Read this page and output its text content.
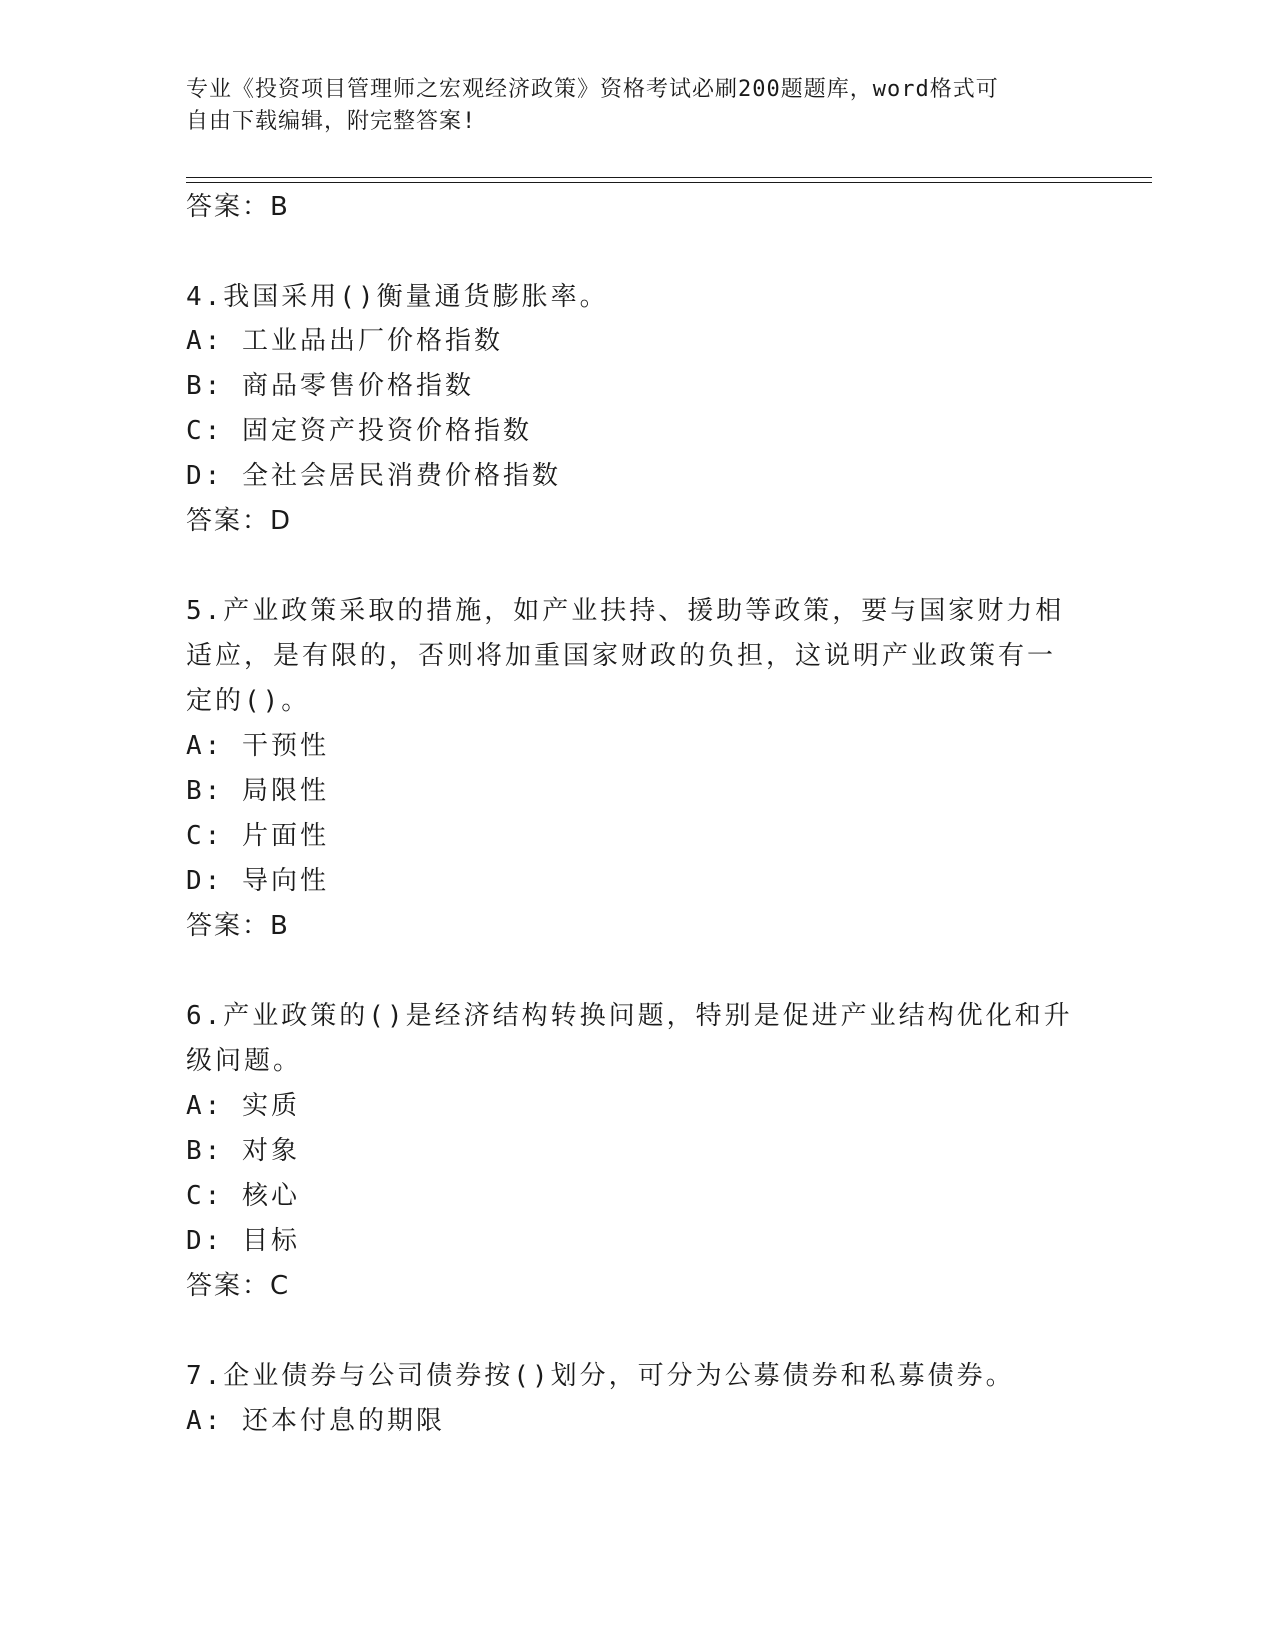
专业《投资项目管理师之宏观经济政策》资格考试必刷200题题库，word格式可
自由下载编辑，附完整答案!
答案：B
4.我国采用()衡量通货膨胀率。
A: 工业品出厂价格指数
B: 商品零售价格指数
C: 固定资产投资价格指数
D: 全社会居民消费价格指数
答案：D
5.产业政策采取的措施，如产业扶持、援助等政策，要与国家财力相
适应，是有限的，否则将加重国家财政的负担，这说明产业政策有一
定的()。
A: 干预性
B: 局限性
C: 片面性
D: 导向性
答案：B
6.产业政策的()是经济结构转换问题，特别是促进产业结构优化和升
级问题。
A: 实质
B: 对象
C: 核心
D: 目标
答案：C
7.企业债券与公司债券按()划分，可分为公募债券和私募债券。
A: 还本付息的期限
